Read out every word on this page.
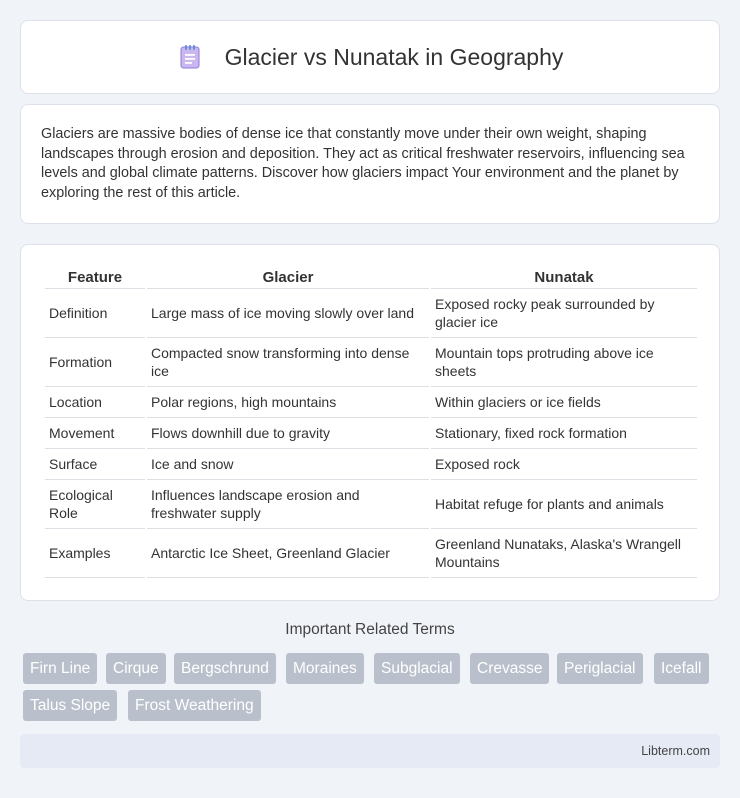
Glacier vs Nunatak in Geography

Glaciers are massive bodies of dense ice that constantly move under their own weight, shaping landscapes through erosion and deposition. They act as critical freshwater reservoirs, influencing sea levels and global climate patterns. Discover how glaciers impact Your environment and the planet by exploring the rest of this article.

Feature	Glacier	Nunatak
Definition	Large mass of ice moving slowly over land	Exposed rocky peak surrounded by glacier ice
Formation	Compacted snow transforming into dense ice	Mountain tops protruding above ice sheets
Location	Polar regions, high mountains	Within glaciers or ice fields
Movement	Flows downhill due to gravity	Stationary, fixed rock formation
Surface	Ice and snow	Exposed rock
Ecological Role	Influences landscape erosion and freshwater supply	Habitat refuge for plants and animals
Examples	Antarctic Ice Sheet, Greenland Glacier	Greenland Nunataks, Alaska's Wrangell Mountains
Important Related Terms
Firn Line	Cirque	Bergschrund	Moraines	Subglacial	Crevasse	Periglacial	Icefall
Talus Slope	Frost Weathering
Libterm.com
